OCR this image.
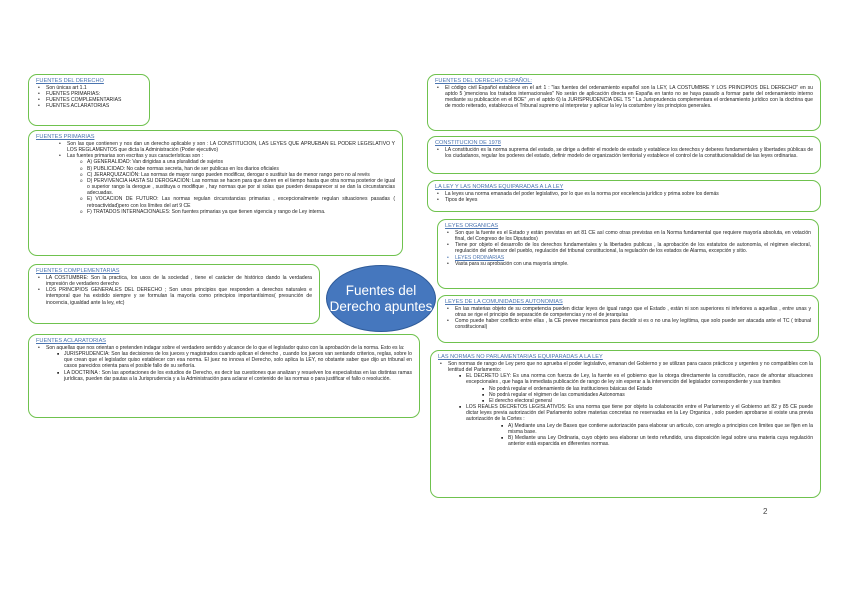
FUENTES DEL DERECHO
• Son únicas art 1.1
• FUENTES PRIMARIAS:
• FUENTES COMPLEMENTARIAS
• FUENTES ACLARATORIAS
FUENTES PRIMARIAS
• Son las que contienen y nos dan un derecho aplicable y son : LA CONSTITUCION, LAS LEYES QUE APRUEBAN EL PODER LEGISLATIVO Y LOS REGLAMENTOS que dicta la Administración (Poder ejecutivo)
• Las fuentes primarias son escritas y sus características son :
o A) GENERALIDAD: Van dirigidas a una pluralidad de sujetos
o B) PUBLICIDAD: No cabe normas secreta, han de ser publicas en los diarios oficiales
o C) JERARQUIZACIÓN: Las normas de mayor rango pueden modificar, derogar o sustituir las de menor rango pero no al revés
o D) PERVIVENCIA HASTA SU DEROGACION: Las normas se hacen para que duren en el tiempo hasta que otra norma posterior de igual o superior rango la derogue , sustituya o modifique , hay normas que por si solas que pueden desaparecer si se dan la circunstancias adecuadas.
o E) VOCACION DE FUTURO: Las normas regulan circunstancias primarias , excepcionalmente regulan situaciones pasadas ( retroactividad)pero con los límites del art 9 CE
o F) TRATADOS INTERNACIONALES: Son fuentes primarias ya que tienen vigencia y rango de Ley interna.
FUENTES COMPLEMENTARIAS
• LA COSTUMBRE: Son la practica, los usos de la sociedad , tiene el carácter de histórico dando la verdadera impresión de verdadero derecho
• LOS PRINCIPIOS GENERALES DEL DERECHO ; Son unos principios que responden a derechos naturales e intemporal que ha existido siempre y se formulan la mayoría como principios importantísimos( presunción de inocencia, igualdad ante la ley, etc)
FUENTES ACLARATORIAS
• Son aquellas que nos orientan o pretenden indagar sobre el verdadero sentido y alcance de lo que el legislador quiso con la aprobación de la norma. Esto es la:
■ JURISPRUDENCIA: Son las decisiones de los jueces y magistrados cuando aplican el derecho , cuando los jueces van sentando criterios, reglas, sobre lo que crean que el legislador quiso establecer con esa norma. El juez no innova el Derecho, solo aplica la LEY, no obstante saber que dijo un tribunal en casos parecidos orienta para el posible fallo de su señoría.
■ LA DOCTRINA : Son las aportaciones de los estudios de Derecho, es decir las cuestiones que analizan y resuelven los especialistas en las distintas ramas jurídicas, pueden dar pautas a la Jurisprudencia y a la Administración para aclarar el contenido de las normas o para justificar el fallo o resolución.
Fuentes del Derecho apuntes
FUENTES DEL DERECHO ESPAÑOL:
• El código civil Español establece en el art 1 : "las fuentes del ordenamiento español son la LEY, LA COSTUMBRE Y LOS PRINCIPIOS DEL DERECHO" en su aptdo 5 )menciona los tratados internacionales" No serán de aplicación directa en España en tanto no se haya pasado a formar parte del ordenamiento interno mediante su publicación en el BOE" ,en el aptdo 6) la JURISPRUDENCIA DEL TS " La Jurisprudencia complementara el ordenamiento jurídico con la doctrina que de modo reiterado, establezca el Tribunal supremo al interpretar y aplicar la ley la costumbre y los principios generales.
CONSTITUCION DE 1978
• LA constitución es la norma suprema del estado, se dirige a definir el modelo de estado y establece los derechos y deberes fundamentales y libertades públicas de los ciudadanos, regular los poderes del estado, definir modelo de organización territorial y establece el control de la constitucionalidad de las leyes ordinarias.
LA LEY Y LAS NORMAS EQUIPARADAS A LA LEY
• La leyes una norma emanada del poder legislativo, por lo que es la norma por excelencia jurídico y prima sobre los demás
• Tipos de leyes
LEYES ORGANICAS
• Son que la fuente es el Estado y están previstas en art 81 CE así como otras previstas en la Norma fundamental que requiere mayoría absoluta, en votación final, del Congreso de los Diputados)
• Tiene por objeto el desarrollo de los derechos fundamentales y la libertades publicas , la aprobación de los estatutos de autonomía, el régimen electoral, regulación del defensor del pueblo, regulación del tribunal constitucional, la regulación de los estados de Alarma, excepción y sitio.
• LEYES ORDINARIAS
• Vasta para su aprobación con una mayoría simple.
LEYES DE LA COMUNIDADES AUTONOMIAS
• En las materias objeto de su competencia pueden dictar leyes de igual rango que el Estado , están ni son superiores ni inferiores a aquellas , entre unas y otras se rige el principio de separación de competencias y no el de jerarquías
• Como puede haber conflicto entre ellas , la CE prevee mecanismos para decidir si es o no una ley legítima, que solo puede ser atacada ante el TC ( tribunal constitucional)
LAS NORMAS NO PARLAMENTARIAS EQUIPARADAS A LA LEY
• Son normas de rango de Ley pero que no aprueba el poder legislativo, emanan del Gobierno y se utilizan para casos prácticos y urgentes y no compatibles con la lentitud del Parlamento:
■ EL DECRETO LEY: Es una norma con fuerza de Ley, la fuente es el gobierno que la otorga directamente la constitución, nace de afrontar situaciones excepcionales , que haga la inmediata publicación de rango de ley sin esperar a la intervención del legislador correspondiente y sus tramites
■ No podrá regular el ordenamiento de las instituciones básicas del Estado
■ No podrá regular el régimen de las comunidades Autonomas
■ El derecho electoral general
■ LOS REALES DECRETOS LEGISLATIVOS: Es una norma que tiene por objeto la colaboración entre el Parlamento y el Gobierno art 82 y 85 CE puede dictar leyes previa autorización del Parlamento sobre materias concretas no reservadas en la Ley Organica , solo pueden aprobarse si existe una previa autorización de la Cortes :
■ A) Mediante una Ley de Bases que contiene autorización para elaborar un articulo, con arreglo a principios con limites que se fijen en la misma base.
■ B) Mediante una Ley Ordinaria, cuyo objeto sea elaborar un texto refundido, una disposición legal sobre una materia cuya regulación anterior está esparcida en diferentes normas.
2
